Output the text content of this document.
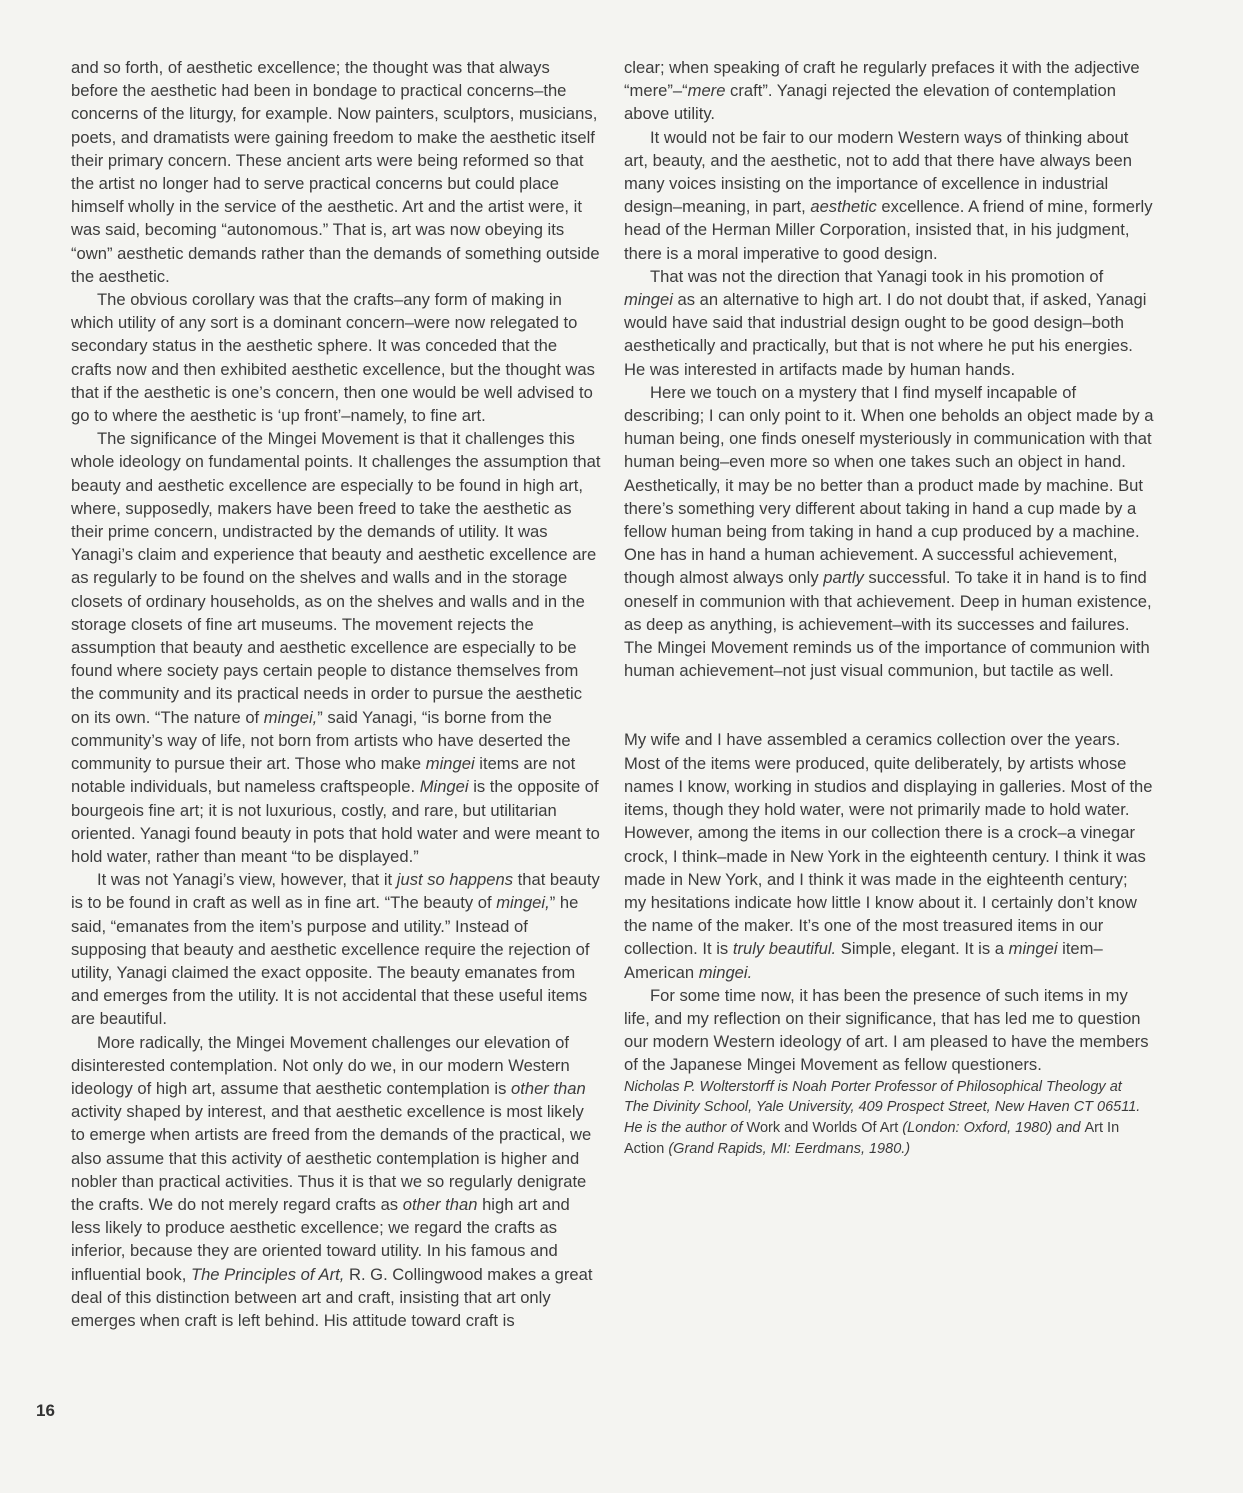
and so forth, of aesthetic excellence; the thought was that always before the aesthetic had been in bondage to practical concerns–the concerns of the liturgy, for example. Now painters, sculptors, musicians, poets, and dramatists were gaining freedom to make the aesthetic itself their primary concern. These ancient arts were being reformed so that the artist no longer had to serve practical concerns but could place himself wholly in the service of the aesthetic. Art and the artist were, it was said, becoming “autonomous.” That is, art was now obeying its “own” aesthetic demands rather than the demands of something outside the aesthetic.

The obvious corollary was that the crafts–any form of making in which utility of any sort is a dominant concern–were now relegated to secondary status in the aesthetic sphere. It was conceded that the crafts now and then exhibited aesthetic excellence, but the thought was that if the aesthetic is one’s concern, then one would be well advised to go to where the aesthetic is ‘up front’–namely, to fine art.

The significance of the Mingei Movement is that it challenges this whole ideology on fundamental points. It challenges the assumption that beauty and aesthetic excellence are especially to be found in high art, where, supposedly, makers have been freed to take the aesthetic as their prime concern, undistracted by the demands of utility. It was Yanagi’s claim and experience that beauty and aesthetic excellence are as regularly to be found on the shelves and walls and in the storage closets of ordinary households, as on the shelves and walls and in the storage closets of fine art museums. The movement rejects the assumption that beauty and aesthetic excellence are especially to be found where society pays certain people to distance themselves from the community and its practical needs in order to pursue the aesthetic on its own. “The nature of mingei,” said Yanagi, “is borne from the community’s way of life, not born from artists who have deserted the community to pursue their art. Those who make mingei items are not notable individuals, but nameless craftspeople. Mingei is the opposite of bourgeois fine art; it is not luxurious, costly, and rare, but utilitarian oriented. Yanagi found beauty in pots that hold water and were meant to hold water, rather than meant “to be displayed.”

It was not Yanagi’s view, however, that it just so happens that beauty is to be found in craft as well as in fine art. “The beauty of mingei,” he said, “emanates from the item’s purpose and utility.” Instead of supposing that beauty and aesthetic excellence require the rejection of utility, Yanagi claimed the exact opposite. The beauty emanates from and emerges from the utility. It is not accidental that these useful items are beautiful.

More radically, the Mingei Movement challenges our elevation of disinterested contemplation. Not only do we, in our modern Western ideology of high art, assume that aesthetic contemplation is other than activity shaped by interest, and that aesthetic excellence is most likely to emerge when artists are freed from the demands of the practical, we also assume that this activity of aesthetic contemplation is higher and nobler than practical activities. Thus it is that we so regularly denigrate the crafts. We do not merely regard crafts as other than high art and less likely to produce aesthetic excellence; we regard the crafts as inferior, because they are oriented toward utility. In his famous and influential book, The Principles of Art, R. G. Collingwood makes a great deal of this distinction between art and craft, insisting that art only emerges when craft is left behind. His attitude toward craft is

clear; when speaking of craft he regularly prefaces it with the adjective “mere”–“mere craft”. Yanagi rejected the elevation of contemplation above utility.

It would not be fair to our modern Western ways of thinking about art, beauty, and the aesthetic, not to add that there have always been many voices insisting on the importance of excellence in industrial design–meaning, in part, aesthetic excellence. A friend of mine, formerly head of the Herman Miller Corporation, insisted that, in his judgment, there is a moral imperative to good design.

That was not the direction that Yanagi took in his promotion of mingei as an alternative to high art. I do not doubt that, if asked, Yanagi would have said that industrial design ought to be good design–both aesthetically and practically, but that is not where he put his energies. He was interested in artifacts made by human hands.

Here we touch on a mystery that I find myself incapable of describing; I can only point to it. When one beholds an object made by a human being, one finds oneself mysteriously in communication with that human being–even more so when one takes such an object in hand. Aesthetically, it may be no better than a product made by machine. But there’s something very different about taking in hand a cup made by a fellow human being from taking in hand a cup produced by a machine. One has in hand a human achievement. A successful achievement, though almost always only partly successful. To take it in hand is to find oneself in communion with that achievement. Deep in human existence, as deep as anything, is achievement–with its successes and failures. The Mingei Movement reminds us of the importance of communion with human achievement–not just visual communion, but tactile as well.

My wife and I have assembled a ceramics collection over the years. Most of the items were produced, quite deliberately, by artists whose names I know, working in studios and displaying in galleries. Most of the items, though they hold water, were not primarily made to hold water. However, among the items in our collection there is a crock–a vinegar crock, I think–made in New York in the eighteenth century. I think it was made in New York, and I think it was made in the eighteenth century; my hesitations indicate how little I know about it. I certainly don’t know the name of the maker. It’s one of the most treasured items in our collection. It is truly beautiful. Simple, elegant. It is a mingei item–American mingei.

For some time now, it has been the presence of such items in my life, and my reflection on their significance, that has led me to question our modern Western ideology of art. I am pleased to have the members of the Japanese Mingei Movement as fellow questioners.

Nicholas P. Wolterstorff is Noah Porter Professor of Philosophical Theology at The Divinity School, Yale University, 409 Prospect Street, New Haven CT 06511. He is the author of Work and Worlds Of Art (London: Oxford, 1980) and Art In Action (Grand Rapids, MI: Eerdmans, 1980.)

16
